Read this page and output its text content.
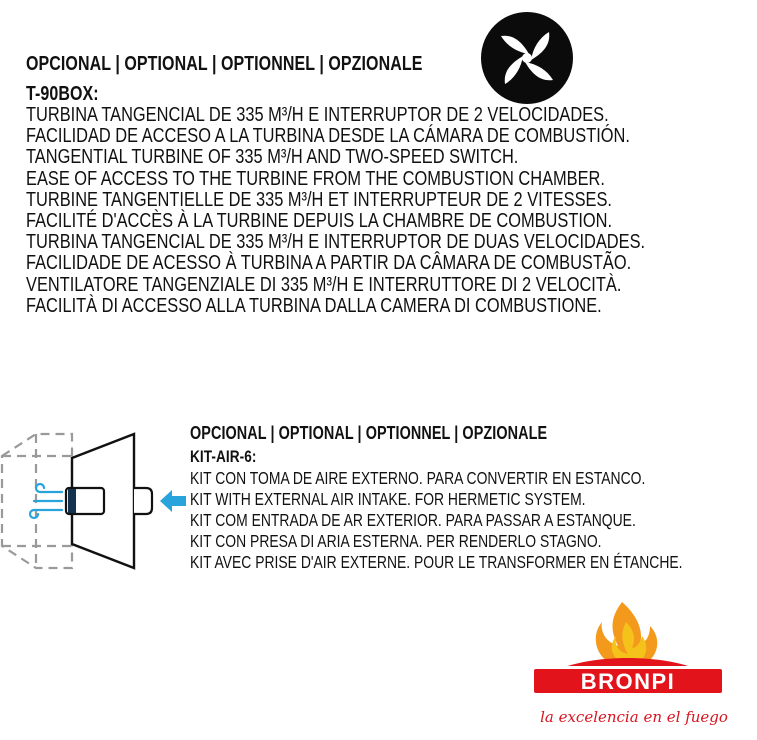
OPCIONAL | OPTIONAL | OPTIONNEL | OPZIONALE
T-90BOX:
TURBINA TANGENCIAL DE 335 M³/H E INTERRUPTOR DE 2 VELOCIDADES.
FACILIDAD DE ACCESO A LA TURBINA DESDE LA CÁMARA DE COMBUSTIÓN.
TANGENTIAL TURBINE OF 335 M³/H AND TWO-SPEED SWITCH.
EASE OF ACCESS TO THE TURBINE FROM THE COMBUSTION CHAMBER.
TURBINE TANGENTIELLE DE 335 M³/H ET INTERRUPTEUR DE 2 VITESSES.
FACILITÉ D'ACCÈS À LA TURBINE DEPUIS LA CHAMBRE DE COMBUSTION.
TURBINA TANGENCIAL DE 335 M³/H E INTERRUPTOR DE DUAS VELOCIDADES.
FACILIDADE DE ACESSO À TURBINA A PARTIR DA CÂMARA DE COMBUSTÃO.
VENTILATORE TANGENZIALE DI 335 M³/H E INTERRUTTORE DI 2 VELOCITÀ.
FACILITÀ DI ACCESSO ALLA TURBINA DALLA CAMERA DI COMBUSTIONE.
OPCIONAL | OPTIONAL | OPTIONNEL | OPZIONALE
KIT-AIR-6:
KIT CON TOMA DE AIRE EXTERNO. PARA CONVERTIR EN ESTANCO.
KIT WITH EXTERNAL AIR INTAKE. FOR HERMETIC SYSTEM.
KIT COM ENTRADA DE AR EXTERIOR. PARA PASSAR A ESTANQUE.
KIT CON PRESA DI ARIA ESTERNA. PER RENDERLO STAGNO.
KIT AVEC PRISE D'AIR EXTERNE. POUR LE TRANSFORMER EN ÉTANCHE.
BRONPI
la excelencia en el fuego
